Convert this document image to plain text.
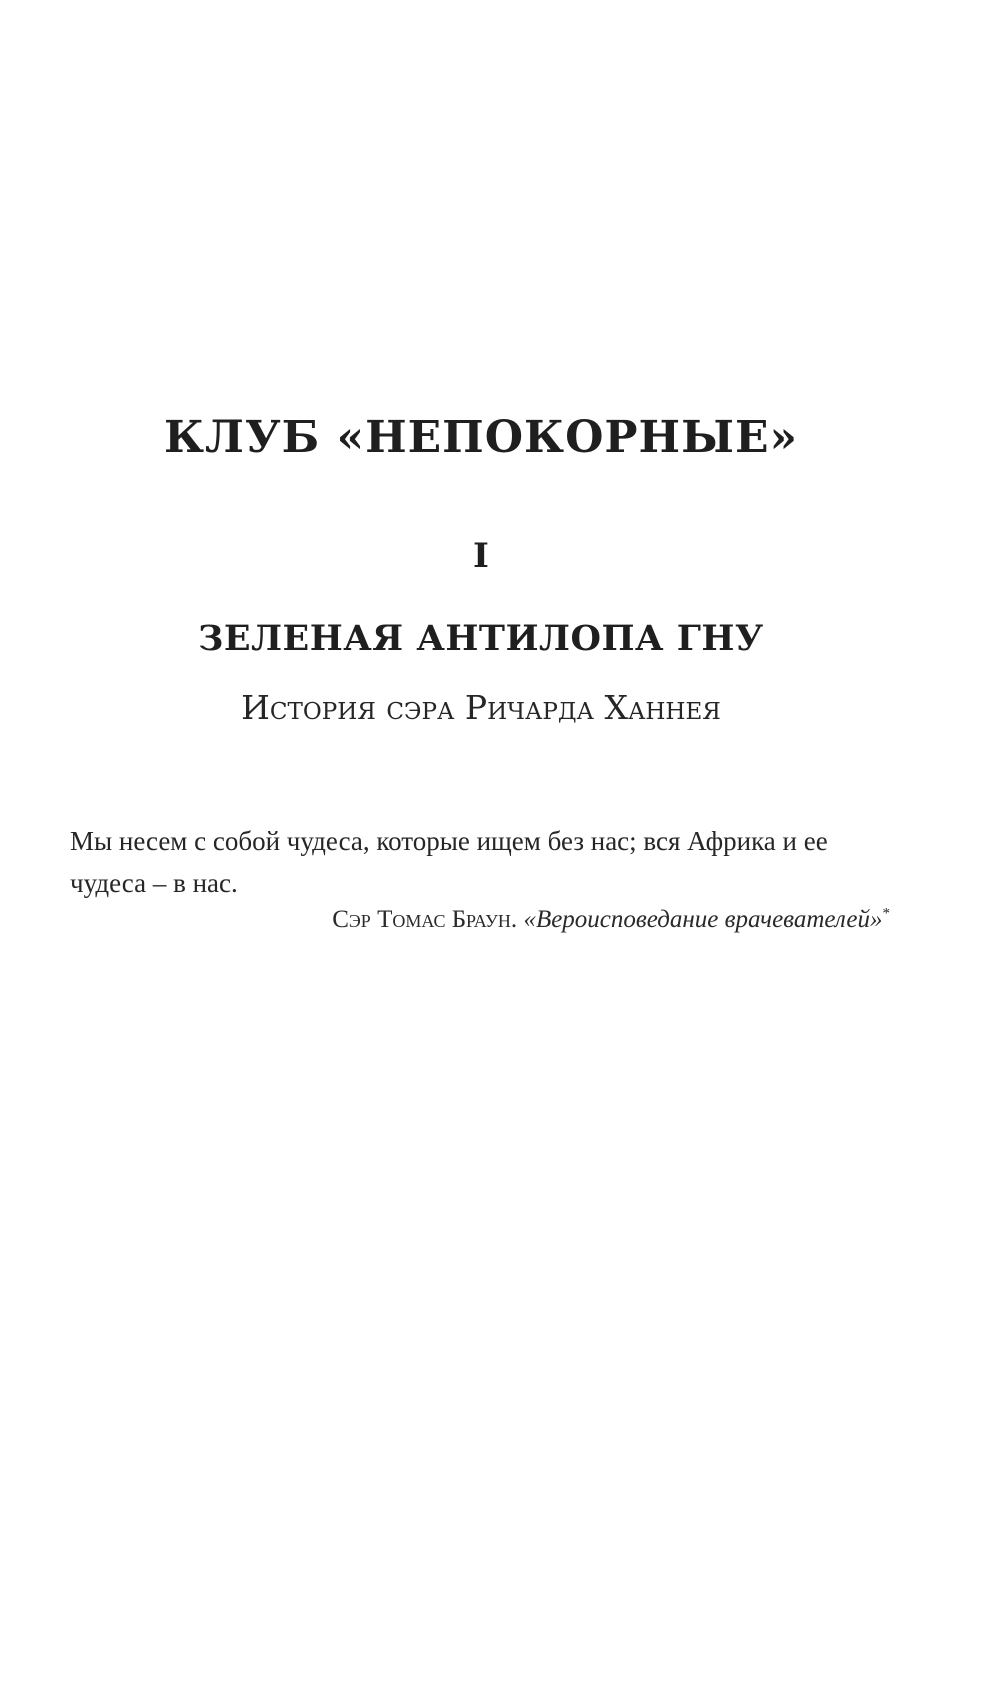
КЛУБ «НЕПОКОРНЫЕ»
I
ЗЕЛЕНАЯ АНТИЛОПА ГНУ
История сэра Ричарда Ханнея
Мы несем с собой чудеса, которые ищем без нас; вся Африка и ее чудеса – в нас.
Сэр Томас Браун. «Вероисповедание врачевателей»*
